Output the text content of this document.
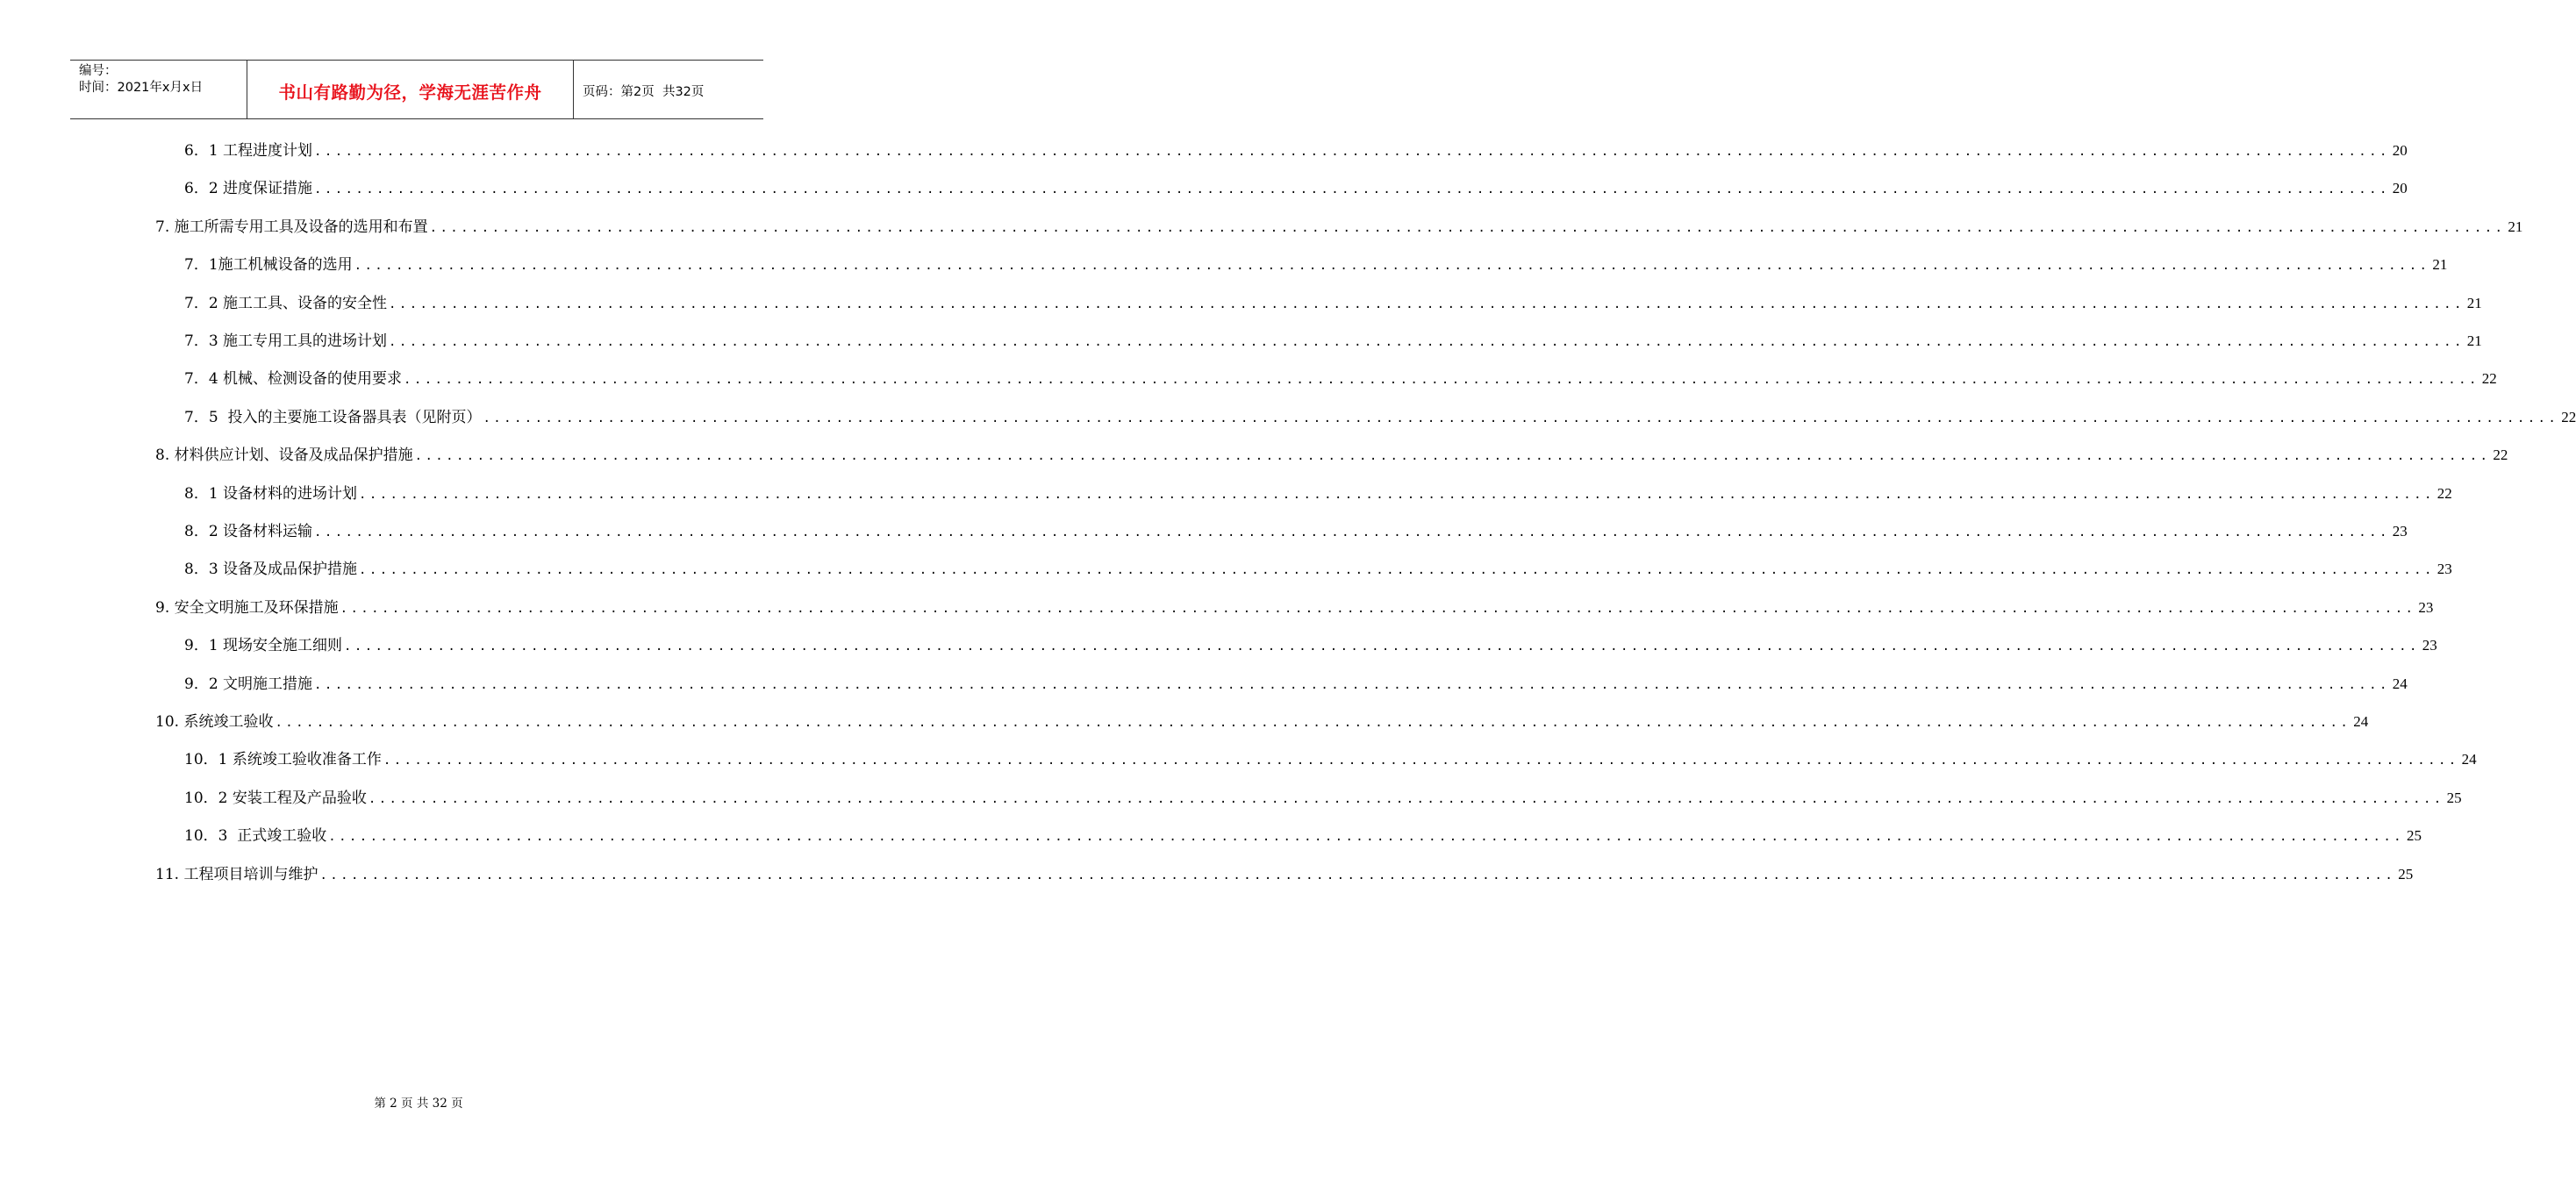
编号：
时间：2021年x月x日	书山有路勤为径，学海无涯苦作舟	页码：第2页  共32页
6．1 工程进度计划 ........................................................................................................................................................................................................ 20
6．2 进度保证措施 ........................................................................................................................................................................................................ 20
7. 施工所需专用工具及设备的选用和布置 ........................................................................................................................................................................................................ 21
7．1施工机械设备的选用 ........................................................................................................................................................................................................ 21
7．2 施工工具、设备的安全性 ........................................................................................................................................................................................................ 21
7．3 施工专用工具的进场计划 ........................................................................................................................................................................................................ 21
7．4 机械、检测设备的使用要求 ........................................................................................................................................................................................................ 22
7．5  投入的主要施工设备器具表（见附页） ........................................................................................................................................................................................................ 22
8. 材料供应计划、设备及成品保护措施 ........................................................................................................................................................................................................ 22
8．1 设备材料的进场计划 ........................................................................................................................................................................................................ 22
8．2 设备材料运输 ........................................................................................................................................................................................................ 23
8．3 设备及成品保护措施 ........................................................................................................................................................................................................ 23
9. 安全文明施工及环保措施 ........................................................................................................................................................................................................ 23
9．1 现场安全施工细则 ........................................................................................................................................................................................................ 23
9．2 文明施工措施 ........................................................................................................................................................................................................ 24
10. 系统竣工验收 ........................................................................................................................................................................................................ 24
10．1 系统竣工验收准备工作 ........................................................................................................................................................................................................ 24
10．2 安装工程及产品验收 ........................................................................................................................................................................................................ 25
10．3  正式竣工验收 ........................................................................................................................................................................................................ 25
11. 工程项目培训与维护 ........................................................................................................................................................................................................ 25
第 2 页 共 32 页
